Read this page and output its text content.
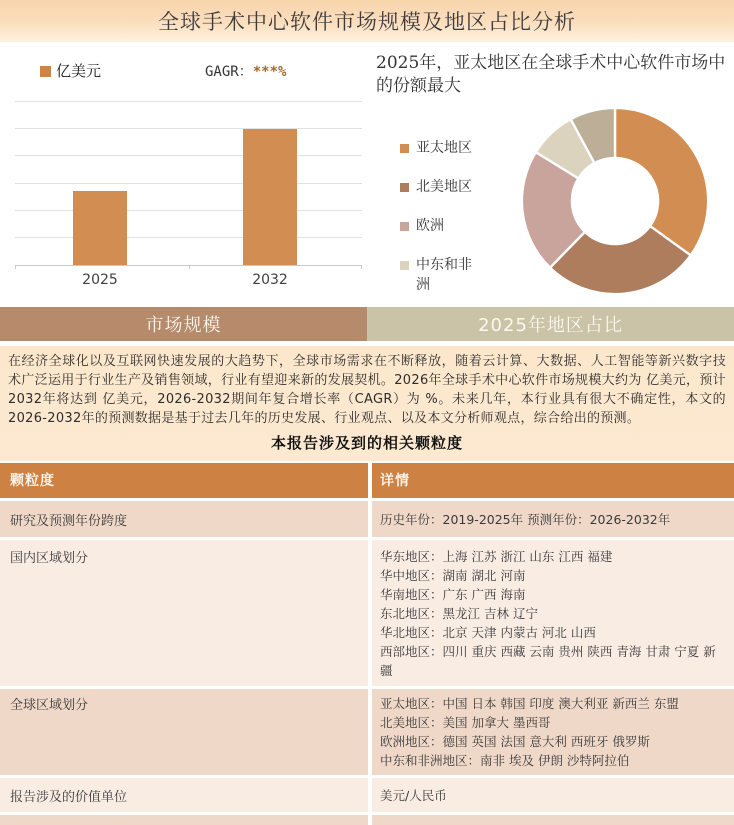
全球手术中心软件市场规模及地区占比分析
亿美元	GAGR：***%
2025	2032
2025年，亚太地区在全球手术中心软件市场中的份额最大
亚太地区
北美地区
欧洲
中东和非洲
市场规模	2025年地区占比

在经济全球化以及互联网快速发展的大趋势下，全球市场需求在不断释放，随着云计算、大数据、人工智能等新兴数字技术广泛运用于行业生产及销售领域，行业有望迎来新的发展契机。2026年全球手术中心软件市场规模大约为 亿美元，预计2032年将达到 亿美元，2026-2032期间年复合增长率（CAGR）为 %。未来几年，本行业具有很大不确定性，本文的2026-2032年的预测数据是基于过去几年的历史发展、行业观点、以及本文分析师观点，综合给出的预测。

本报告涉及到的相关颗粒度
颗粒度	详情
研究及预测年份跨度	历史年份：2019-2025年 预测年份：2026-2032年
国内区域划分	华东地区：上海 江苏 浙江 山东 江西 福建
华中地区：湖南 湖北 河南
华南地区：广东 广西 海南
东北地区：黑龙江 吉林 辽宁
华北地区：北京 天津 内蒙古 河北 山西
西部地区：四川 重庆 西藏 云南 贵州 陕西 青海 甘肃 宁夏 新疆
全球区域划分	亚太地区：中国 日本 韩国 印度 澳大利亚 新西兰 东盟
北美地区：美国 加拿大 墨西哥
欧洲地区：德国 英国 法国 意大利 西班牙 俄罗斯
中东和非洲地区：南非 埃及 伊朗 沙特阿拉伯
报告涉及的价值单位	美元/人民币
